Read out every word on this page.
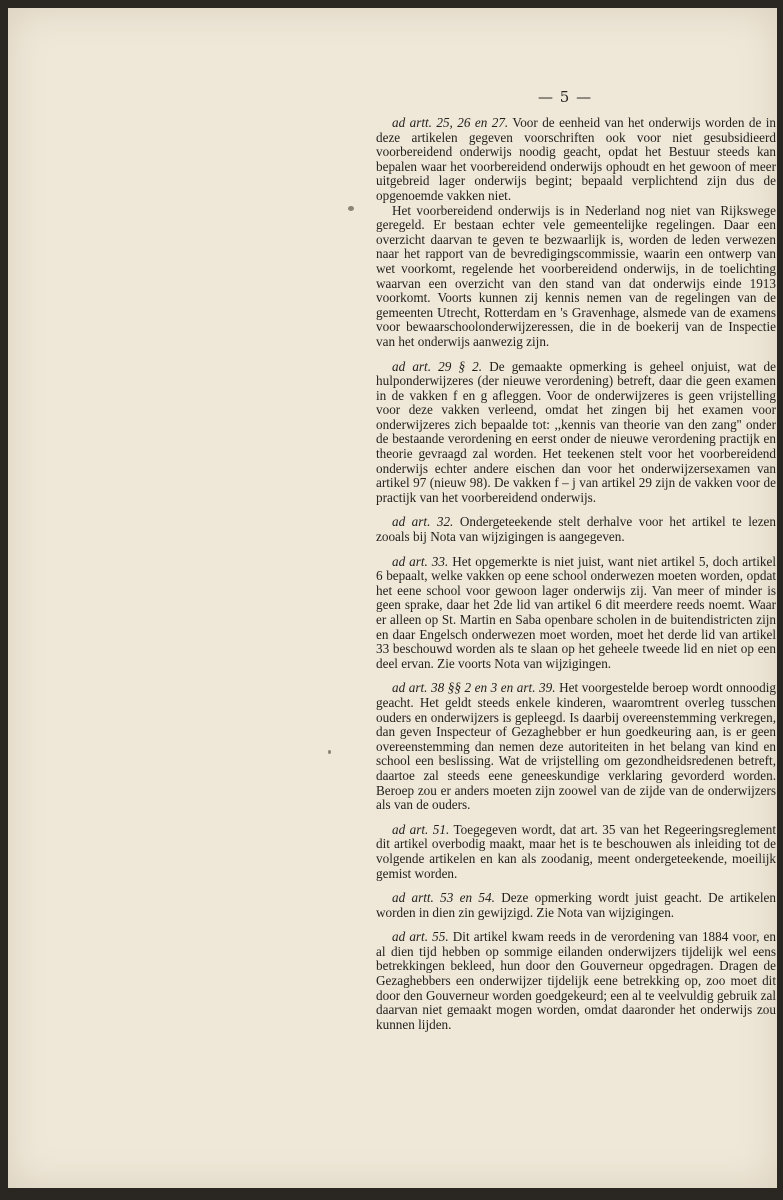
— 5 —

ad artt. 25, 26 en 27. Voor de eenheid van het onderwijs worden de in deze artikelen gegeven voorschriften ook voor niet gesubsidieerd voorbereidend onderwijs noodig geacht, opdat het Bestuur steeds kan bepalen waar het voorbereidend onderwijs ophoudt en het gewoon of meer uitgebreid lager onderwijs begint; bepaald verplichtend zijn dus de opgenoemde vakken niet.

Het voorbereidend onderwijs is in Nederland nog niet van Rijkswege geregeld. Er bestaan echter vele gemeentelijke regelingen. Daar een overzicht daarvan te geven te bezwaarlijk is, worden de leden verwezen naar het rapport van de bevredigingscommissie, waarin een ontwerp van wet voorkomt, regelende het voorbereidend onderwijs, in de toelichting waarvan een overzicht van den stand van dat onderwijs einde 1913 voorkomt. Voorts kunnen zij kennis nemen van de regelingen van de gemeenten Utrecht, Rotterdam en 's Gravenhage, alsmede van de examens voor bewaarschoolonderwijzeressen, die in de boekerij van de Inspectie van het onderwijs aanwezig zijn.

ad art. 29 § 2. De gemaakte opmerking is geheel onjuist, wat de hulponderwijzeres (der nieuwe verordening) betreft, daar die geen examen in de vakken f en g afleggen. Voor de onderwijzeres is geen vrijstelling voor deze vakken verleend, omdat het zingen bij het examen voor onderwijzeres zich bepaalde tot: ,,kennis van theorie van den zang'' onder de bestaande verordening en eerst onder de nieuwe verordening practijk en theorie gevraagd zal worden. Het teekenen stelt voor het voorbereidend onderwijs echter andere eischen dan voor het onderwijzersexamen van artikel 97 (nieuw 98). De vakken f – j van artikel 29 zijn de vakken voor de practijk van het voorbereidend onderwijs.

ad art. 32. Ondergeteekende stelt derhalve voor het artikel te lezen zooals bij Nota van wijzigingen is aangegeven.

ad art. 33. Het opgemerkte is niet juist, want niet artikel 5, doch artikel 6 bepaalt, welke vakken op eene school onderwezen moeten worden, opdat het eene school voor gewoon lager onderwijs zij. Van meer of minder is geen sprake, daar het 2de lid van artikel 6 dit meerdere reeds noemt. Waar er alleen op St. Martin en Saba openbare scholen in de buitendistricten zijn en daar Engelsch onderwezen moet worden, moet het derde lid van artikel 33 beschouwd worden als te slaan op het geheele tweede lid en niet op een deel ervan. Zie voorts Nota van wijzigingen.

ad art. 38 §§ 2 en 3 en art. 39. Het voorgestelde beroep wordt onnoodig geacht. Het geldt steeds enkele kinderen, waaromtrent overleg tusschen ouders en onderwijzers is gepleegd. Is daarbij overeenstemming verkregen, dan geven Inspecteur of Gezaghebber er hun goedkeuring aan, is er geen overeenstemming dan nemen deze autoriteiten in het belang van kind en school een beslissing. Wat de vrijstelling om gezondheidsredenen betreft, daartoe zal steeds eene geneeskundige verklaring gevorderd worden. Beroep zou er anders moeten zijn zoowel van de zijde van de onderwijzers als van de ouders.

ad art. 51. Toegegeven wordt, dat art. 35 van het Regeeringsreglement dit artikel overbodig maakt, maar het is te beschouwen als inleiding tot de volgende artikelen en kan als zoodanig, meent ondergeteekende, moeilijk gemist worden.

ad artt. 53 en 54. Deze opmerking wordt juist geacht. De artikelen worden in dien zin gewijzigd. Zie Nota van wijzigingen.

ad art. 55. Dit artikel kwam reeds in de verordening van 1884 voor, en al dien tijd hebben op sommige eilanden onderwijzers tijdelijk wel eens betrekkingen bekleed, hun door den Gouverneur opgedragen. Dragen de Gezaghebbers een onderwijzer tijdelijk eene betrekking op, zoo moet dit door den Gouverneur worden goedgekeurd; een al te veelvuldig gebruik zal daarvan niet gemaakt mogen worden, omdat daaronder het onderwijs zou kunnen lijden.
